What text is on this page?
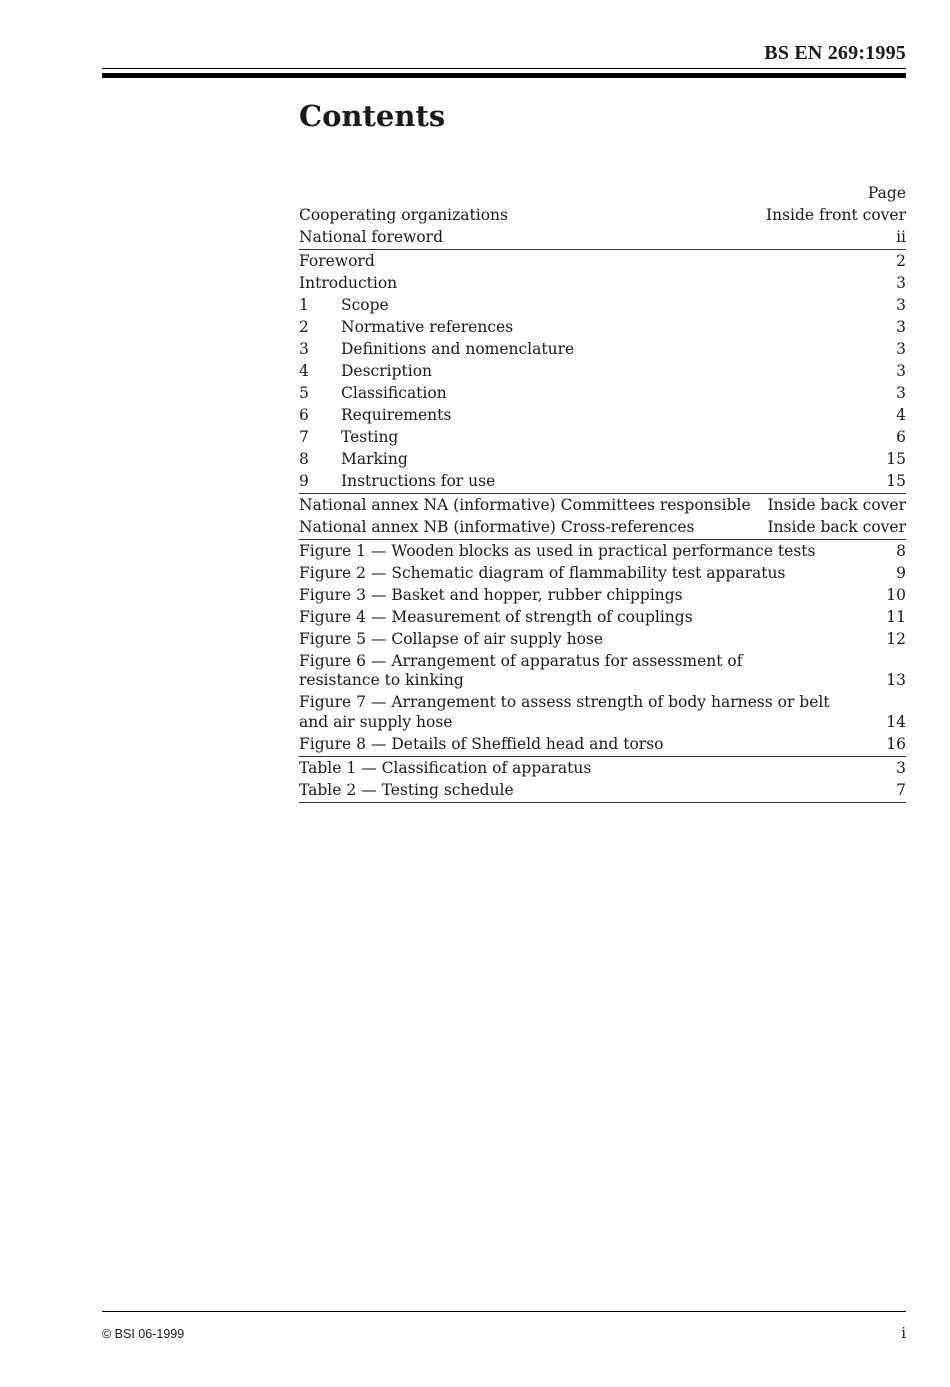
BS EN 269:1995
Contents
Page
Cooperating organizations	Inside front cover
National foreword	ii
Foreword	2
Introduction	3
1	Scope	3
2	Normative references	3
3	Definitions and nomenclature	3
4	Description	3
5	Classification	3
6	Requirements	4
7	Testing	6
8	Marking	15
9	Instructions for use	15
National annex NA (informative) Committees responsible	Inside back cover
National annex NB (informative) Cross-references	Inside back cover
Figure 1 — Wooden blocks as used in practical performance tests	8
Figure 2 — Schematic diagram of flammability test apparatus	9
Figure 3 — Basket and hopper, rubber chippings	10
Figure 4 — Measurement of strength of couplings	11
Figure 5 — Collapse of air supply hose	12
Figure 6 — Arrangement of apparatus for assessment of
resistance to kinking	13
Figure 7 — Arrangement to assess strength of body harness or belt
and air supply hose	14
Figure 8 — Details of Sheffield head and torso	16
Table 1 — Classification of apparatus	3
Table 2 — Testing schedule	7
© BSI 06-1999	i
